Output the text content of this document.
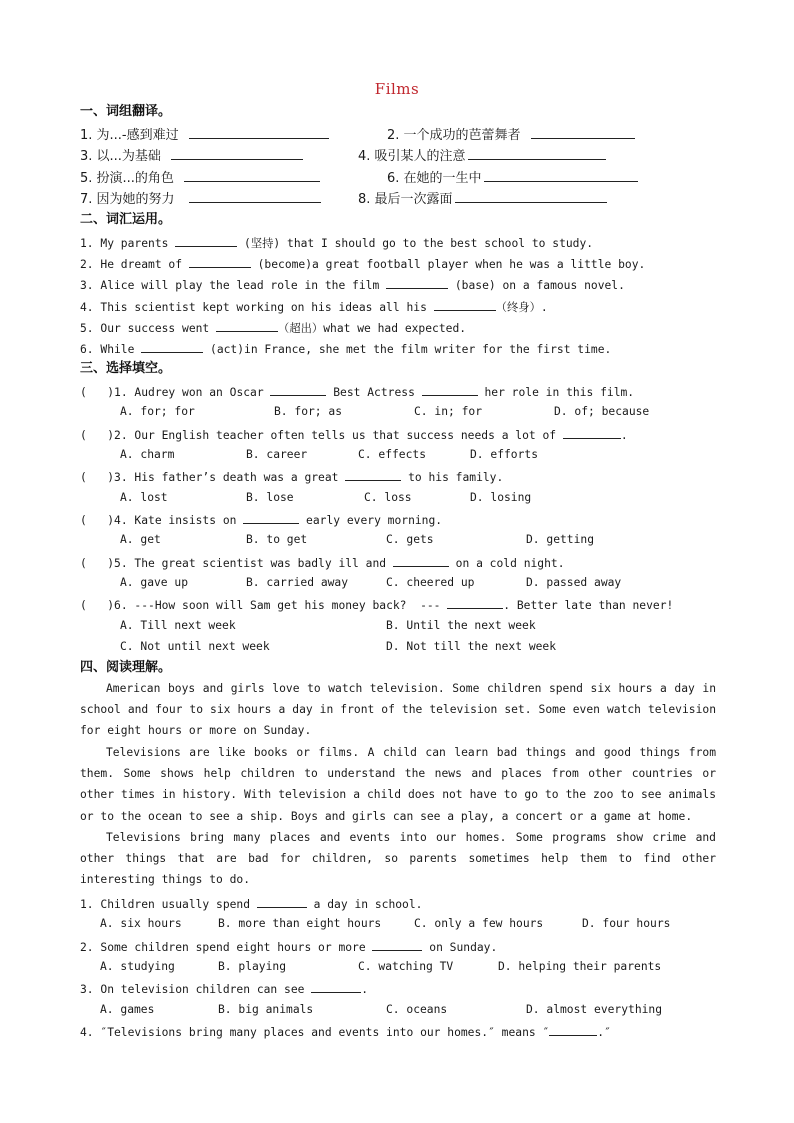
Films
一、词组翻译。
1. 为...-感到难过	2. 一个成功的芭蕾舞者
3. 以...为基础	4. 吸引某人的注意
5. 扮演...的角色	6. 在她的一生中
7. 因为她的努力	8. 最后一次露面
二、词汇运用。
1. My parents	(坚持) that I should go to the best school to study.
2. He dreamt of	(become)a great football player when he was a little boy.
3. Alice will play the lead role in the film	(base) on a famous novel.
4. This scientist kept working on his ideas all his	（终身）.
5. Our success went	（超出）what we had expected.
6. While	(act)in France, she met the film writer for the first time.
三、选择填空。
(   )1. Audrey won an Oscar	Best Actress	her role in this film.
A. for; for	B. for; as	C. in; for	D. of; because
(   )2. Our English teacher often tells us that success needs a lot of	.
A. charm	B. career	C. effects	D. efforts
(   )3. His father’s death was a great	to his family.
A. lost	B. lose	C. loss	D. losing
(   )4. Kate insists on	early every morning.
A. get	B. to get	C. gets	D. getting
(   )5. The great scientist was badly ill and	on a cold night.
A. gave up	B. carried away	C. cheered up	D. passed away
(   )6. ---How soon will Sam get his money back?  ---	. Better late than never!
A. Till next week	B. Until the next week
C. Not until next week	D. Not till the next week
四、阅读理解。
American boys and girls love to watch television. Some children spend six hours a day in school and four to six hours a day in front of the television set. Some even watch television for eight hours or more on Sunday.
Televisions are like books or films. A child can learn bad things and good things from them. Some shows help children to understand the news and places from other countries or other times in history. With television a child does not have to go to the zoo to see animals or to the ocean to see a ship. Boys and girls can see a play, a concert or a game at home.
Televisions bring many places and events into our homes. Some programs show crime and other things that are bad for children, so parents sometimes help them to find other interesting things to do.
1. Children usually spend	a day in school.
A. six hours	B. more than eight hours	C. only a few hours	D. four hours
2. Some children spend eight hours or more	on Sunday.
A. studying	B. playing	C. watching TV	D. helping their parents
3. On television children can see	.
A. games	B. big animals	C. oceans	D. almost everything
4. ″Televisions bring many places and events into our homes.″ means ″	.″
